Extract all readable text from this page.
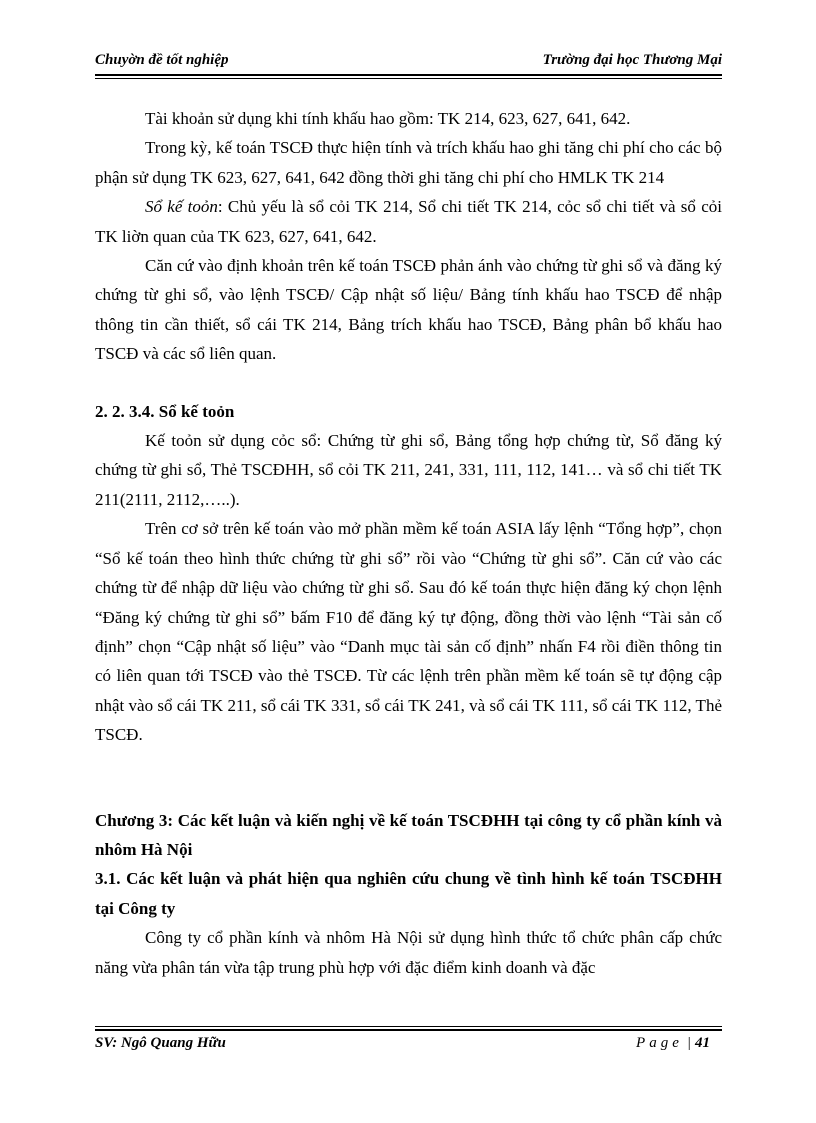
Chuyờn đề tốt nghiệp	Trường đại học Thương Mại

Tài khoản sử dụng khi tính khấu hao gồm: TK 214, 623, 627, 641, 642.

Trong kỳ, kế toán TSCĐ thực hiện tính và trích khấu hao ghi tăng chi phí cho các bộ phận sử dụng TK 623, 627, 641, 642 đồng thời ghi tăng chi phí cho HMLK TK 214

Sổ kế toỏn: Chủ yếu là sổ cỏi TK 214, Sổ chi tiết TK 214, cỏc sổ chi tiết và sổ cỏi TK liờn quan của TK 623, 627, 641, 642.

Căn cứ vào định khoản trên kế toán TSCĐ phản ánh vào chứng từ ghi sổ và đăng ký chứng từ ghi sổ, vào lệnh TSCĐ/ Cập nhật số liệu/ Bảng tính khấu hao TSCĐ để nhập thông tin cần thiết, sổ cái TK 214, Bảng trích khấu hao TSCĐ, Bảng phân bổ khấu hao TSCĐ và các sổ liên quan.

2. 2. 3.4. Sổ kế toỏn

Kế toỏn sử dụng cỏc sổ: Chứng từ ghi sổ, Bảng tổng hợp chứng từ, Sổ đăng ký chứng từ ghi sổ, Thẻ TSCĐHH, sổ cỏi TK 211, 241, 331, 111, 112, 141… và sổ chi tiết TK 211(2111, 2112,…..).

Trên cơ sở trên kế toán vào mở phần mềm kế toán ASIA lấy lệnh “Tổng hợp”, chọn “Sổ kế toán theo hình thức chứng từ ghi sổ” rồi vào “Chứng từ ghi sổ”. Căn cứ vào các chứng từ để nhập dữ liệu vào chứng từ ghi sổ. Sau đó kế toán thực hiện đăng ký chọn lệnh “Đăng ký chứng từ ghi sổ” bấm F10 để đăng ký tự động, đồng thời vào lệnh “Tài sản cố định” chọn “Cập nhật số liệu” vào “Danh mục tài sản cố định” nhấn F4 rồi điền thông tin có liên quan tới TSCĐ vào thẻ TSCĐ. Từ các lệnh trên phần mềm kế toán sẽ tự động cập nhật vào sổ cái TK 211, sổ cái TK 331, sổ cái TK 241, và sổ cái TK 111, sổ cái TK 112, Thẻ TSCĐ.

Chương 3: Các kết luận và kiến nghị về kế toán TSCĐHH tại công ty cổ phần kính và nhôm Hà Nội

3.1. Các kết luận và phát hiện qua nghiên cứu chung về tình hình kế toán TSCĐHH tại Công ty

Công ty cổ phần kính và nhôm Hà Nội sử dụng hình thức tổ chức phân cấp chức năng vừa phân tán vừa tập trung phù hợp với đặc điểm kinh doanh và đặc

SV: Ngô Quang Hữu	Page | 41
